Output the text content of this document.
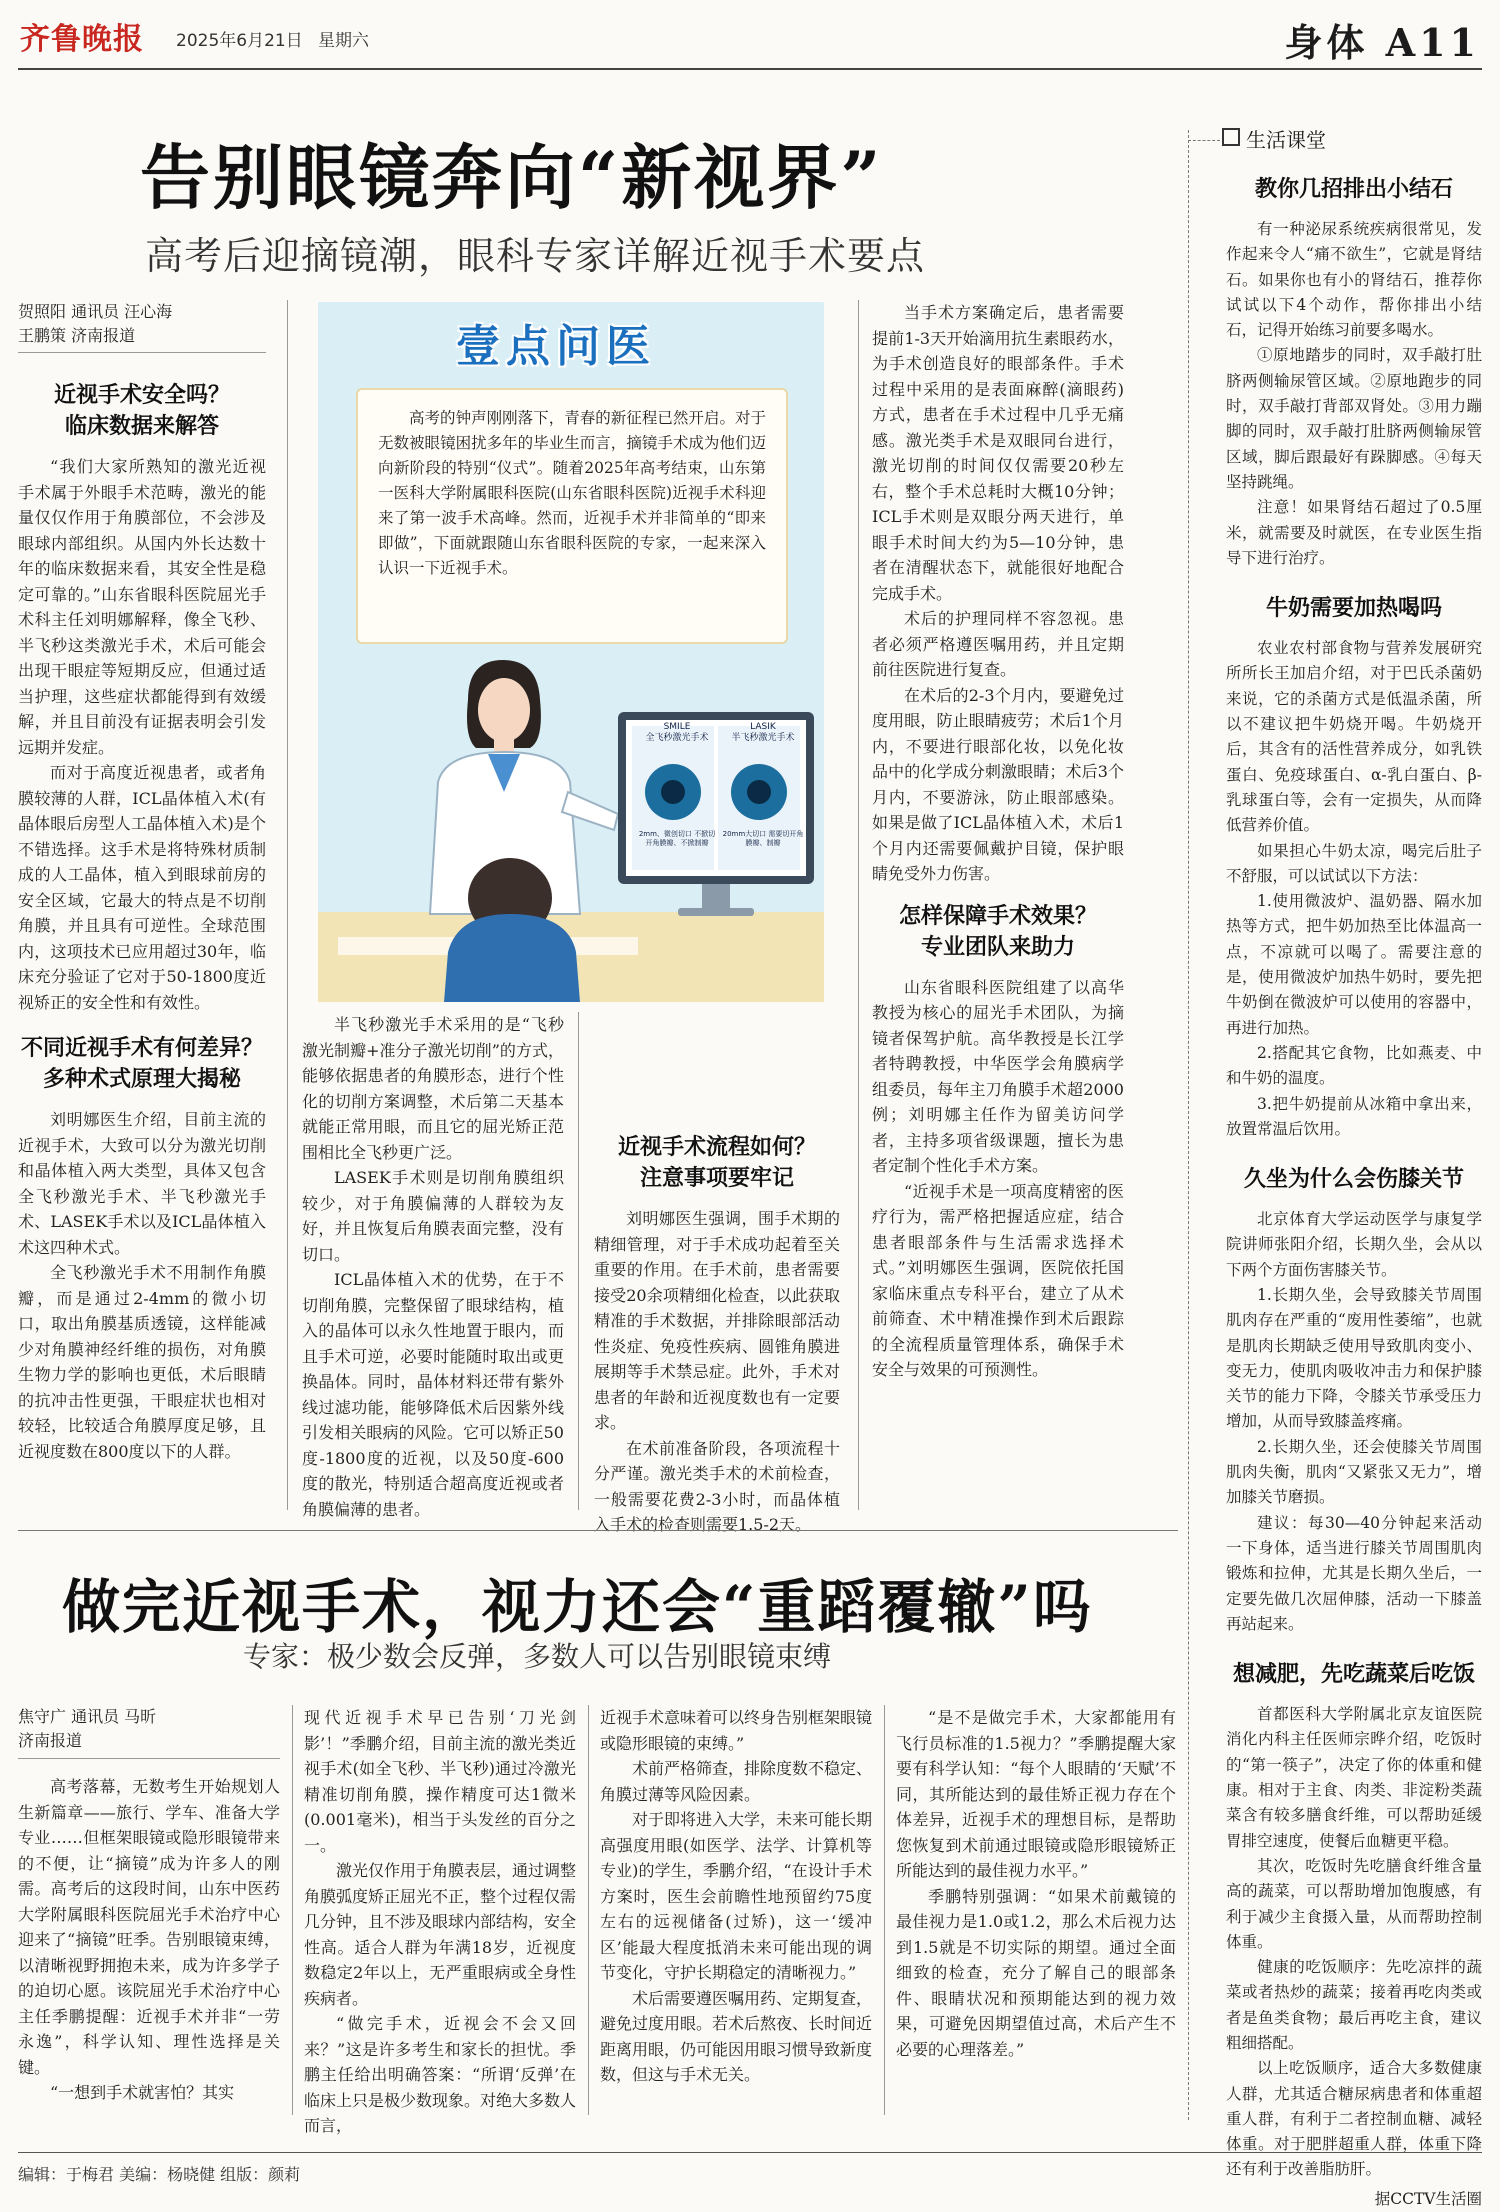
齐鲁晚报 2025年6月21日 星期六	身体 A11
告别眼镜奔向“新视界”
高考后迎摘镜潮，眼科专家详解近视手术要点
贺照阳 通讯员 汪心海
王鹏策 济南报道
近视手术安全吗？
临床数据来解答

“我们大家所熟知的激光近视手术属于外眼手术范畴，激光的能量仅仅作用于角膜部位，不会涉及眼球内部组织。从国内外长达数十年的临床数据来看，其安全性是稳定可靠的。”山东省眼科医院屈光手术科主任刘明娜解释，像全飞秒、半飞秒这类激光手术，术后可能会出现干眼症等短期反应，但通过适当护理，这些症状都能得到有效缓解，并且目前没有证据表明会引发远期并发症。

而对于高度近视患者，或者角膜较薄的人群，ICL晶体植入术(有晶体眼后房型人工晶体植入术)是个不错选择。这手术是将特殊材质制成的人工晶体，植入到眼球前房的安全区域，它最大的特点是不切削角膜，并且具有可逆性。全球范围内，这项技术已应用超过30年，临床充分验证了它对于50-1800度近视矫正的安全性和有效性。

不同近视手术有何差异？
多种术式原理大揭秘

刘明娜医生介绍，目前主流的近视手术，大致可以分为激光切削和晶体植入两大类型，具体又包含全飞秒激光手术、半飞秒激光手术、LASEK手术以及ICL晶体植入术这四种术式。

全飞秒激光手术不用制作角膜瓣，而是通过2-4mm的微小切口，取出角膜基质透镜，这样能减少对角膜神经纤维的损伤，对角膜生物力学的影响也更低，术后眼睛的抗冲击性更强，干眼症状也相对较轻，比较适合角膜厚度足够，且近视度数在800度以下的人群。

壹点问医

高考的钟声刚刚落下，青春的新征程已然开启。对于无数被眼镜困扰多年的毕业生而言，摘镜手术成为他们迈向新阶段的特别“仪式”。随着2025年高考结束，山东第一医科大学附属眼科医院(山东省眼科医院)近视手术科迎来了第一波手术高峰。然而，近视手术并非简单的“即来即做”，下面就跟随山东省眼科医院的专家，一起来深入认识一下近视手术。

SMILE
全飞秒激光手术
2mm、微创切口 不掀切开角膜瓣、不掀制瓣
LASIK
半飞秒激光手术
20mm大切口 需要切开角膜瓣、制瓣

半飞秒激光手术采用的是“飞秒激光制瓣+准分子激光切削”的方式，能够依据患者的角膜形态，进行个性化的切削方案调整，术后第二天基本就能正常用眼，而且它的屈光矫正范围相比全飞秒更广泛。

LASEK手术则是切削角膜组织较少，对于角膜偏薄的人群较为友好，并且恢复后角膜表面完整，没有切口。

ICL晶体植入术的优势，在于不切削角膜，完整保留了眼球结构，植入的晶体可以永久性地置于眼内，而且手术可逆，必要时能随时取出或更换晶体。同时，晶体材料还带有紫外线过滤功能，能够降低术后因紫外线引发相关眼病的风险。它可以矫正50度-1800度的近视，以及50度-600度的散光，特别适合超高度近视或者角膜偏薄的患者。

近视手术流程如何？
注意事项要牢记

刘明娜医生强调，围手术期的精细管理，对于手术成功起着至关重要的作用。在手术前，患者需要接受20余项精细化检查，以此获取精准的手术数据，并排除眼部活动性炎症、免疫性疾病、圆锥角膜进展期等手术禁忌症。此外，手术对患者的年龄和近视度数也有一定要求。

在术前准备阶段，各项流程十分严谨。激光类手术的术前检查，一般需要花费2-3小时，而晶体植入手术的检查则需要1.5-2天。

当手术方案确定后，患者需要提前1-3天开始滴用抗生素眼药水，为手术创造良好的眼部条件。手术过程中采用的是表面麻醉(滴眼药)方式，患者在手术过程中几乎无痛感。激光类手术是双眼同台进行，激光切削的时间仅仅需要20秒左右，整个手术总耗时大概10分钟；ICL手术则是双眼分两天进行，单眼手术时间大约为5—10分钟，患者在清醒状态下，就能很好地配合完成手术。

术后的护理同样不容忽视。患者必须严格遵医嘱用药，并且定期前往医院进行复查。

在术后的2-3个月内，要避免过度用眼，防止眼睛疲劳；术后1个月内，不要进行眼部化妆，以免化妆品中的化学成分刺激眼睛；术后3个月内，不要游泳，防止眼部感染。如果是做了ICL晶体植入术，术后1个月内还需要佩戴护目镜，保护眼睛免受外力伤害。

怎样保障手术效果？
专业团队来助力

山东省眼科医院组建了以高华教授为核心的屈光手术团队，为摘镜者保驾护航。高华教授是长江学者特聘教授，中华医学会角膜病学组委员，每年主刀角膜手术超2000例；刘明娜主任作为留美访问学者，主持多项省级课题，擅长为患者定制个性化手术方案。

“近视手术是一项高度精密的医疗行为，需严格把握适应症，结合患者眼部条件与生活需求选择术式。”刘明娜医生强调，医院依托国家临床重点专科平台，建立了从术前筛查、术中精准操作到术后跟踪的全流程质量管理体系，确保手术安全与效果的可预测性。

生活课堂
教你几招排出小结石

有一种泌尿系统疾病很常见，发作起来令人“痛不欲生”，它就是肾结石。如果你也有小的肾结石，推荐你试试以下4个动作，帮你排出小结石，记得开始练习前要多喝水。

①原地踏步的同时，双手敲打肚脐两侧输尿管区域。②原地跑步的同时，双手敲打背部双肾处。③用力蹦脚的同时，双手敲打肚脐两侧输尿管区域，脚后跟最好有跺脚感。④每天坚持跳绳。

注意！如果肾结石超过了0.5厘米，就需要及时就医，在专业医生指导下进行治疗。

牛奶需要加热喝吗

农业农村部食物与营养发展研究所所长王加启介绍，对于巴氏杀菌奶来说，它的杀菌方式是低温杀菌，所以不建议把牛奶烧开喝。牛奶烧开后，其含有的活性营养成分，如乳铁蛋白、免疫球蛋白、α-乳白蛋白、β-乳球蛋白等，会有一定损失，从而降低营养价值。

如果担心牛奶太凉，喝完后肚子不舒服，可以试试以下方法：

1.使用微波炉、温奶器、隔水加热等方式，把牛奶加热至比体温高一点，不凉就可以喝了。需要注意的是，使用微波炉加热牛奶时，要先把牛奶倒在微波炉可以使用的容器中，再进行加热。

2.搭配其它食物，比如燕麦、中和牛奶的温度。

3.把牛奶提前从冰箱中拿出来，放置常温后饮用。

久坐为什么会伤膝关节

北京体育大学运动医学与康复学院讲师张阳介绍，长期久坐，会从以下两个方面伤害膝关节。

1.长期久坐，会导致膝关节周围肌肉存在严重的“废用性萎缩”，也就是肌肉长期缺乏使用导致肌肉变小、变无力，使肌肉吸收冲击力和保护膝关节的能力下降，令膝关节承受压力增加，从而导致膝盖疼痛。

2.长期久坐，还会使膝关节周围肌肉失衡，肌肉“又紧张又无力”，增加膝关节磨损。

建议：每30—40分钟起来活动一下身体，适当进行膝关节周围肌肉锻炼和拉伸，尤其是长期久坐后，一定要先做几次屈伸膝，活动一下膝盖再站起来。

想减肥，先吃蔬菜后吃饭

首都医科大学附属北京友谊医院消化内科主任医师宗晔介绍，吃饭时的“第一筷子”，决定了你的体重和健康。相对于主食、肉类、非淀粉类蔬菜含有较多膳食纤维，可以帮助延缓胃排空速度，使餐后血糖更平稳。

其次，吃饭时先吃膳食纤维含量高的蔬菜，可以帮助增加饱腹感，有利于减少主食摄入量，从而帮助控制体重。

健康的吃饭顺序：先吃凉拌的蔬菜或者热炒的蔬菜；接着再吃肉类或者是鱼类食物；最后再吃主食，建议粗细搭配。

以上吃饭顺序，适合大多数健康人群，尤其适合糖尿病患者和体重超重人群，有利于二者控制血糖、减轻体重。对于肥胖超重人群，体重下降还有利于改善脂肪肝。

据CCTV生活圈
做完近视手术，视力还会“重蹈覆辙”吗
专家：极少数会反弹，多数人可以告别眼镜束缚
焦守广 通讯员 马昕
济南报道

高考落幕，无数考生开始规划人生新篇章——旅行、学车、准备大学专业……但框架眼镜或隐形眼镜带来的不便，让“摘镜”成为许多人的刚需。高考后的这段时间，山东中医药大学附属眼科医院屈光手术治疗中心迎来了“摘镜”旺季。告别眼镜束缚，以清晰视野拥抱未来，成为许多学子的迫切心愿。该院屈光手术治疗中心主任季鹏提醒：近视手术并非“一劳永逸”，科学认知、理性选择是关键。

“一想到手术就害怕？其实

现代近视手术早已告别‘刀光剑影’！”季鹏介绍，目前主流的激光类近视手术(如全飞秒、半飞秒)通过冷激光精准切削角膜，操作精度可达1微米(0.001毫米)，相当于头发丝的百分之一。

激光仅作用于角膜表层，通过调整角膜弧度矫正屈光不正，整个过程仅需几分钟，且不涉及眼球内部结构，安全性高。适合人群为年满18岁，近视度数稳定2年以上，无严重眼病或全身性疾病者。

“做完手术，近视会不会又回来？”这是许多考生和家长的担忧。季鹏主任给出明确答案：“所谓‘反弹’在临床上只是极少数现象。对绝大多数人而言，

近视手术意味着可以终身告别框架眼镜或隐形眼镜的束缚。”

术前严格筛查，排除度数不稳定、角膜过薄等风险因素。

对于即将进入大学，未来可能长期高强度用眼(如医学、法学、计算机等专业)的学生，季鹏介绍，“在设计手术方案时，医生会前瞻性地预留约75度左右的远视储备(过矫)，这一‘缓冲区’能最大程度抵消未来可能出现的调节变化，守护长期稳定的清晰视力。”

术后需要遵医嘱用药、定期复查，避免过度用眼。若术后熬夜、长时间近距离用眼，仍可能因用眼习惯导致新度数，但这与手术无关。

“是不是做完手术，大家都能用有飞行员标准的1.5视力？”季鹏提醒大家要有科学认知：“每个人眼睛的‘天赋’不同，其所能达到的最佳矫正视力存在个体差异，近视手术的理想目标，是帮助您恢复到术前通过眼镜或隐形眼镜矫正所能达到的最佳视力水平。”

季鹏特别强调：“如果术前戴镜的最佳视力是1.0或1.2，那么术后视力达到1.5就是不切实际的期望。通过全面细致的检查，充分了解自己的眼部条件、眼睛状况和预期能达到的视力效果，可避免因期望值过高，术后产生不必要的心理落差。”

编辑：于梅君 美编：杨晓健 组版：颜莉
